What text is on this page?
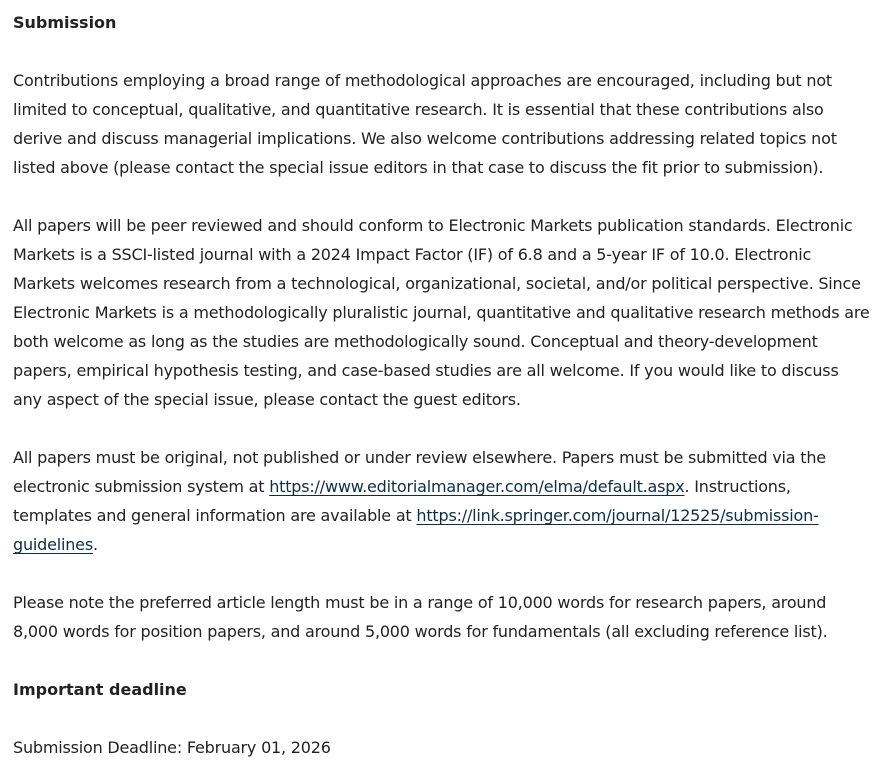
Submission

Contributions employing a broad range of methodological approaches are encouraged, including but not limited to conceptual, qualitative, and quantitative research. It is essential that these contributions also derive and discuss managerial implications. We also welcome contributions addressing related topics not listed above (please contact the special issue editors in that case to discuss the fit prior to submission).

All papers will be peer reviewed and should conform to Electronic Markets publication standards. Electronic Markets is a SSCI-listed journal with a 2024 Impact Factor (IF) of 6.8 and a 5-year IF of 10.0. Electronic Markets welcomes research from a technological, organizational, societal, and/or political perspective. Since Electronic Markets is a methodologically pluralistic journal, quantitative and qualitative research methods are both welcome as long as the studies are methodologically sound. Conceptual and theory-development papers, empirical hypothesis testing, and case-based studies are all welcome. If you would like to discuss any aspect of the special issue, please contact the guest editors.

All papers must be original, not published or under review elsewhere. Papers must be submitted via the electronic submission system at https://www.editorialmanager.com/elma/default.aspx. Instructions, templates and general information are available at https://link.springer.com/journal/12525/submission-guidelines.

Please note the preferred article length must be in a range of 10,000 words for research papers, around 8,000 words for position papers, and around 5,000 words for fundamentals (all excluding reference list).

Important deadline

Submission Deadline: February 01, 2026
